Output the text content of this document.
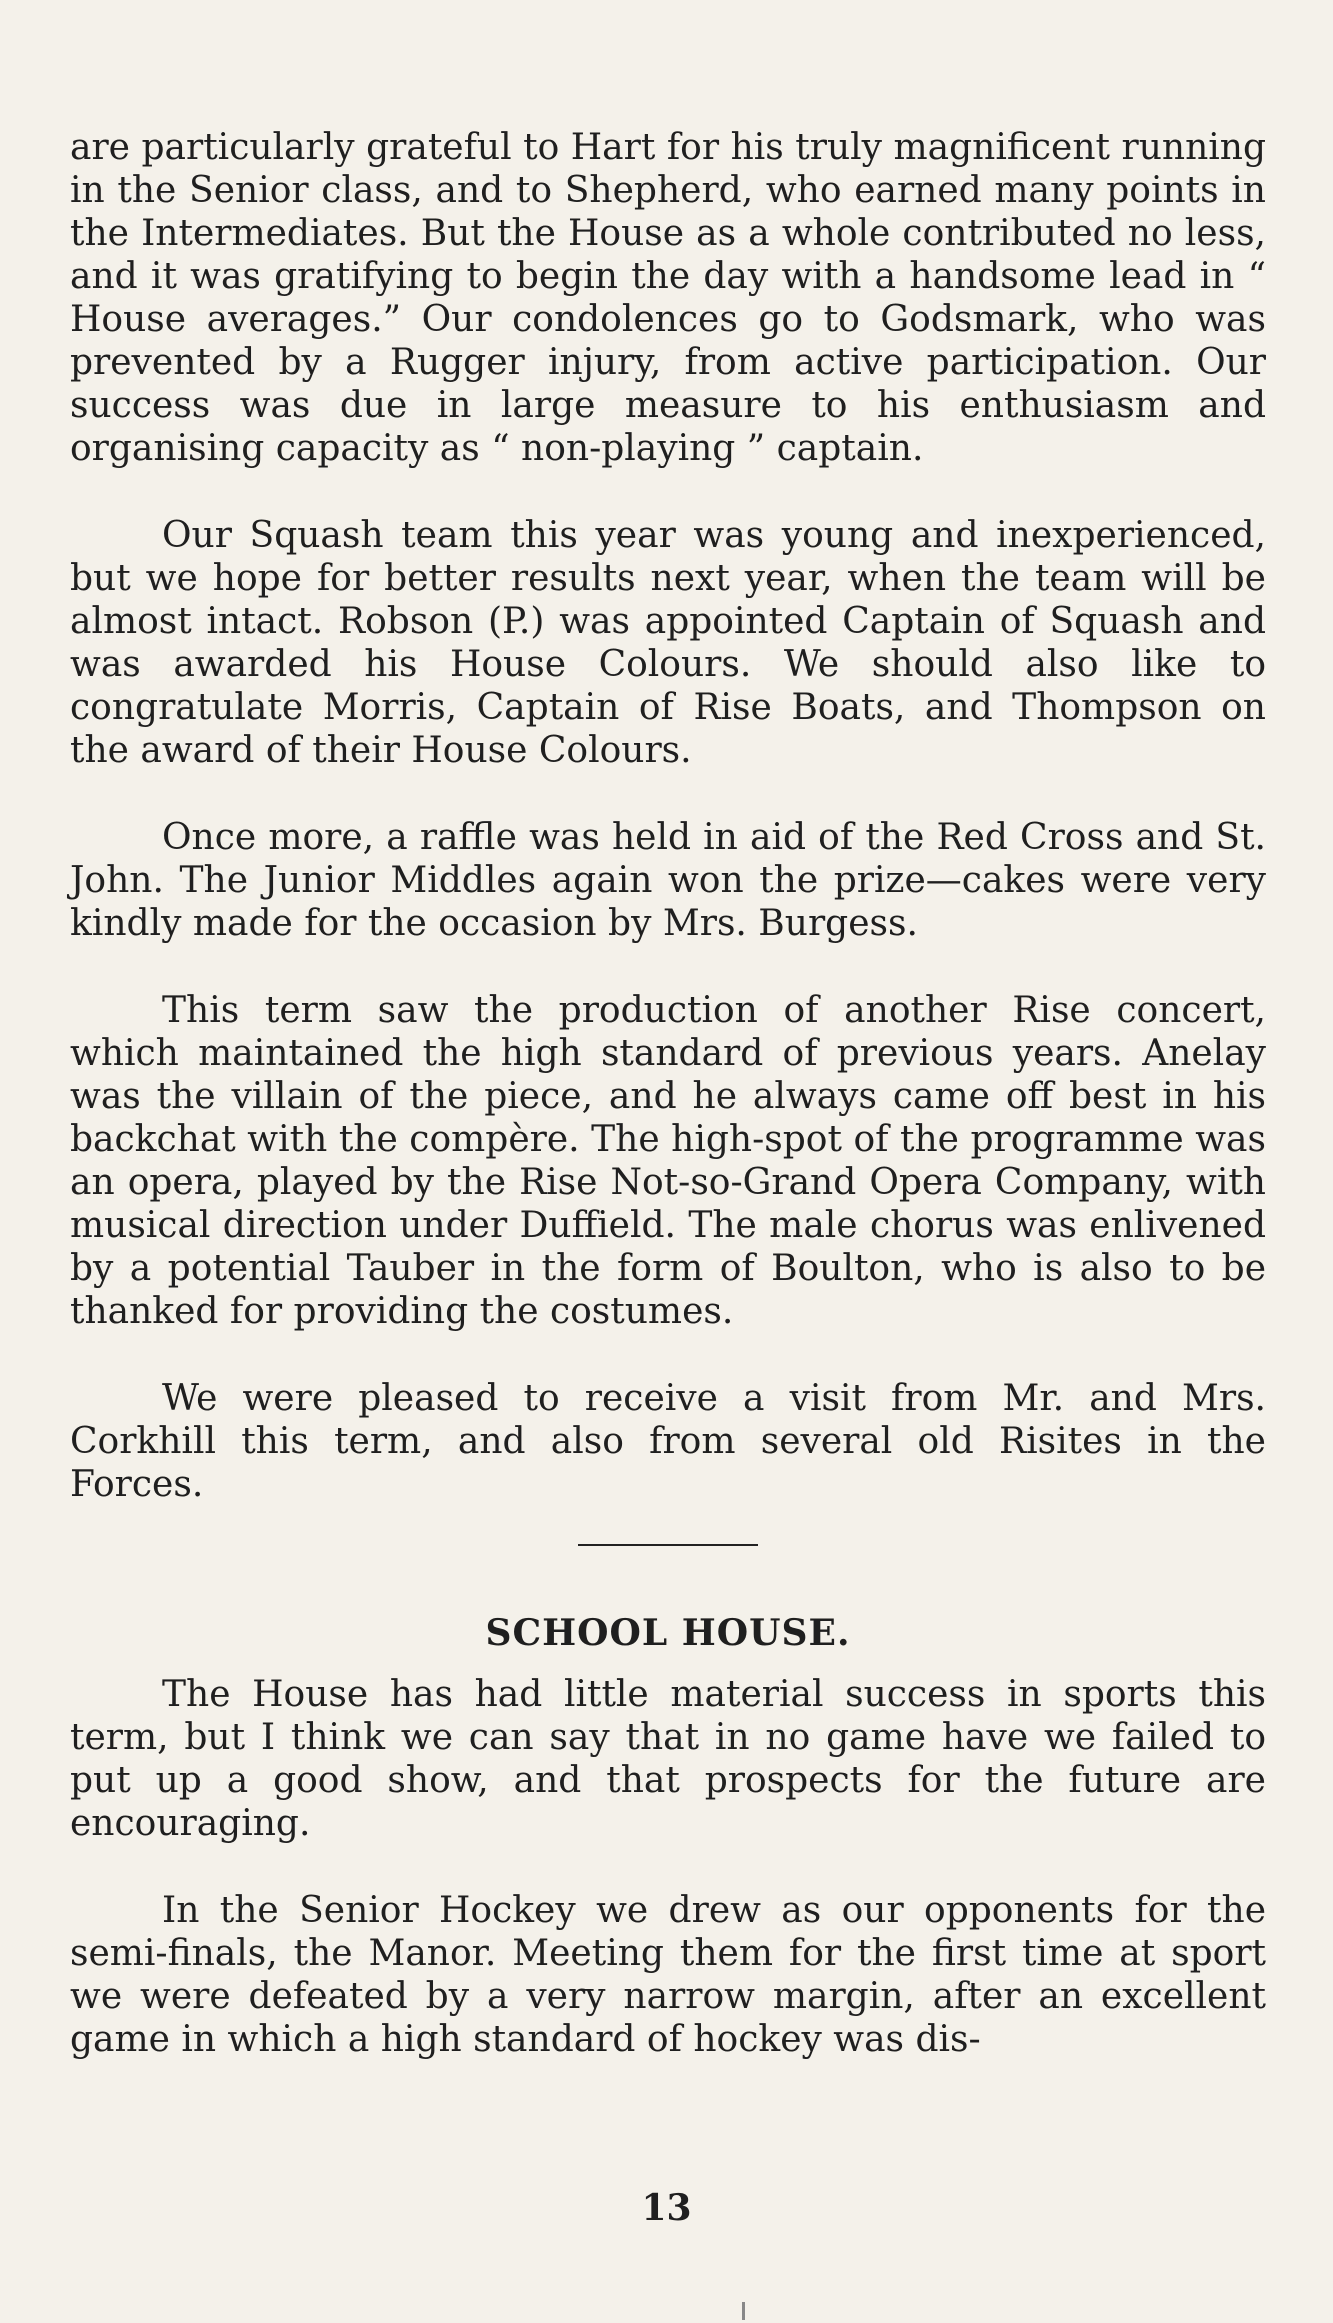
are particularly grateful to Hart for his truly magnificent running in the Senior class, and to Shepherd, who earned many points in the Intermediates. But the House as a whole contributed no less, and it was gratifying to begin the day with a handsome lead in “ House averages.” Our condolences go to Godsmark, who was prevented by a Rugger injury, from active participation. Our success was due in large measure to his enthusiasm and organising capacity as “ non-playing ” captain.

Our Squash team this year was young and inexperienced, but we hope for better results next year, when the team will be almost intact. Robson (P.) was appointed Captain of Squash and was awarded his House Colours. We should also like to congratulate Morris, Captain of Rise Boats, and Thompson on the award of their House Colours.

Once more, a raffle was held in aid of the Red Cross and St. John. The Junior Middles again won the prize—cakes were very kindly made for the occasion by Mrs. Burgess.

This term saw the production of another Rise concert, which maintained the high standard of previous years. Anelay was the villain of the piece, and he always came off best in his backchat with the compère. The high-spot of the programme was an opera, played by the Rise Not-so-Grand Opera Company, with musical direction under Duffield. The male chorus was enlivened by a potential Tauber in the form of Boulton, who is also to be thanked for providing the costumes.

We were pleased to receive a visit from Mr. and Mrs. Corkhill this term, and also from several old Risites in the Forces.

SCHOOL HOUSE.

The House has had little material success in sports this term, but I think we can say that in no game have we failed to put up a good show, and that prospects for the future are encouraging.

In the Senior Hockey we drew as our opponents for the semi-finals, the Manor. Meeting them for the first time at sport we were defeated by a very narrow margin, after an excellent game in which a high standard of hockey was dis-

13
